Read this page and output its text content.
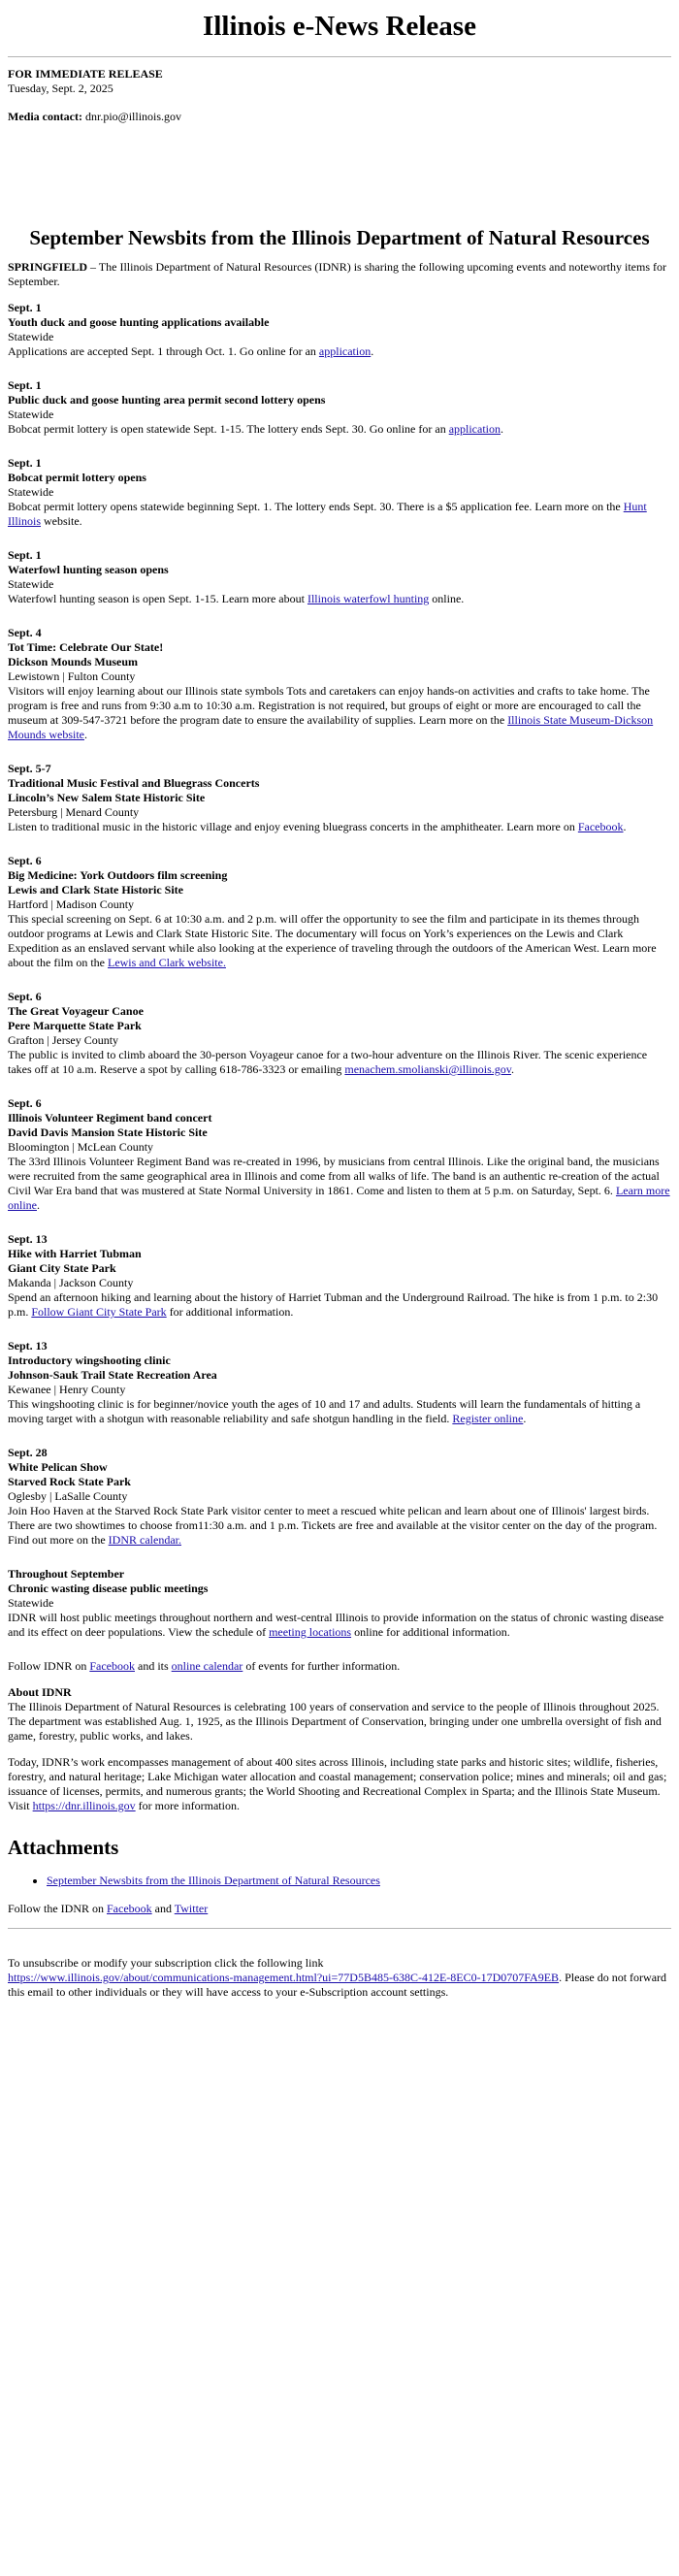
Illinois e-News Release
FOR IMMEDIATE RELEASE
Tuesday, Sept. 2, 2025
Media contact: dnr.pio@illinois.gov
September Newsbits from the Illinois Department of Natural Resources

SPRINGFIELD – The Illinois Department of Natural Resources (IDNR) is sharing the following upcoming events and noteworthy items for September.

Sept. 1
Youth duck and goose hunting applications available
Statewide
Applications are accepted Sept. 1 through Oct. 1. Go online for an application.
Sept. 1
Public duck and goose hunting area permit second lottery opens
Statewide
Bobcat permit lottery is open statewide Sept. 1-15. The lottery ends Sept. 30. Go online for an application.
Sept. 1
Bobcat permit lottery opens
Statewide
Bobcat permit lottery opens statewide beginning Sept. 1. The lottery ends Sept. 30. There is a $5 application fee. Learn more on the Hunt Illinois website.
Sept. 1
Waterfowl hunting season opens
Statewide
Waterfowl hunting season is open Sept. 1-15. Learn more about Illinois waterfowl hunting online.
Sept. 4
Tot Time: Celebrate Our State!
Dickson Mounds Museum
Lewistown | Fulton County
Visitors will enjoy learning about our Illinois state symbols Tots and caretakers can enjoy hands-on activities and crafts to take home. The program is free and runs from 9:30 a.m to 10:30 a.m. Registration is not required, but groups of eight or more are encouraged to call the museum at 309-547-3721 before the program date to ensure the availability of supplies. Learn more on the Illinois State Museum-Dickson Mounds website.
Sept. 5-7
Traditional Music Festival and Bluegrass Concerts
Lincoln’s New Salem State Historic Site
Petersburg | Menard County
Listen to traditional music in the historic village and enjoy evening bluegrass concerts in the amphitheater. Learn more on Facebook.
Sept. 6
Big Medicine: York Outdoors film screening
Lewis and Clark State Historic Site
Hartford | Madison County
This special screening on Sept. 6 at 10:30 a.m. and 2 p.m. will offer the opportunity to see the film and participate in its themes through outdoor programs at Lewis and Clark State Historic Site. The documentary will focus on York’s experiences on the Lewis and Clark Expedition as an enslaved servant while also looking at the experience of traveling through the outdoors of the American West. Learn more about the film on the Lewis and Clark website.
Sept. 6
The Great Voyageur Canoe
Pere Marquette State Park
Grafton | Jersey County
The public is invited to climb aboard the 30-person Voyageur canoe for a two-hour adventure on the Illinois River. The scenic experience takes off at 10 a.m. Reserve a spot by calling 618-786-3323 or emailing menachem.smolianski@illinois.gov.
Sept. 6
Illinois Volunteer Regiment band concert
David Davis Mansion State Historic Site
Bloomington | McLean County
The 33rd Illinois Volunteer Regiment Band was re-created in 1996, by musicians from central Illinois. Like the original band, the musicians were recruited from the same geographical area in Illinois and come from all walks of life. The band is an authentic re-creation of the actual Civil War Era band that was mustered at State Normal University in 1861. Come and listen to them at 5 p.m. on Saturday, Sept. 6. Learn more online.
Sept. 13
Hike with Harriet Tubman
Giant City State Park
Makanda | Jackson County
Spend an afternoon hiking and learning about the history of Harriet Tubman and the Underground Railroad. The hike is from 1 p.m. to 2:30 p.m. Follow Giant City State Park for additional information.
Sept. 13
Introductory wingshooting clinic
Johnson-Sauk Trail State Recreation Area
Kewanee | Henry County
This wingshooting clinic is for beginner/novice youth the ages of 10 and 17 and adults. Students will learn the fundamentals of hitting a moving target with a shotgun with reasonable reliability and safe shotgun handling in the field. Register online.
Sept. 28
White Pelican Show
Starved Rock State Park
Oglesby | LaSalle County
Join Hoo Haven at the Starved Rock State Park visitor center to meet a rescued white pelican and learn about one of Illinois' largest birds. There are two showtimes to choose from11:30 a.m. and 1 p.m. Tickets are free and available at the visitor center on the day of the program. Find out more on the IDNR calendar.
Throughout September
Chronic wasting disease public meetings
Statewide
IDNR will host public meetings throughout northern and west-central Illinois to provide information on the status of chronic wasting disease and its effect on deer populations. View the schedule of meeting locations online for additional information.

Follow IDNR on Facebook and its online calendar of events for further information.

About IDNR

The Illinois Department of Natural Resources is celebrating 100 years of conservation and service to the people of Illinois throughout 2025. The department was established Aug. 1, 1925, as the Illinois Department of Conservation, bringing under one umbrella oversight of fish and game, forestry, public works, and lakes.

Today, IDNR’s work encompasses management of about 400 sites across Illinois, including state parks and historic sites; wildlife, fisheries, forestry, and natural heritage; Lake Michigan water allocation and coastal management; conservation police; mines and minerals; oil and gas; issuance of licenses, permits, and numerous grants; the World Shooting and Recreational Complex in Sparta; and the Illinois State Museum. Visit https://dnr.illinois.gov for more information.

Attachments
• September Newsbits from the Illinois Department of Natural Resources

Follow the IDNR on Facebook and Twitter

To unsubscribe or modify your subscription click the following link
https://www.illinois.gov/about/communications-management.html?ui=77D5B485-638C-412E-8EC0-17D0707FA9EB. Please do not forward this email to other individuals or they will have access to your e-Subscription account settings.
